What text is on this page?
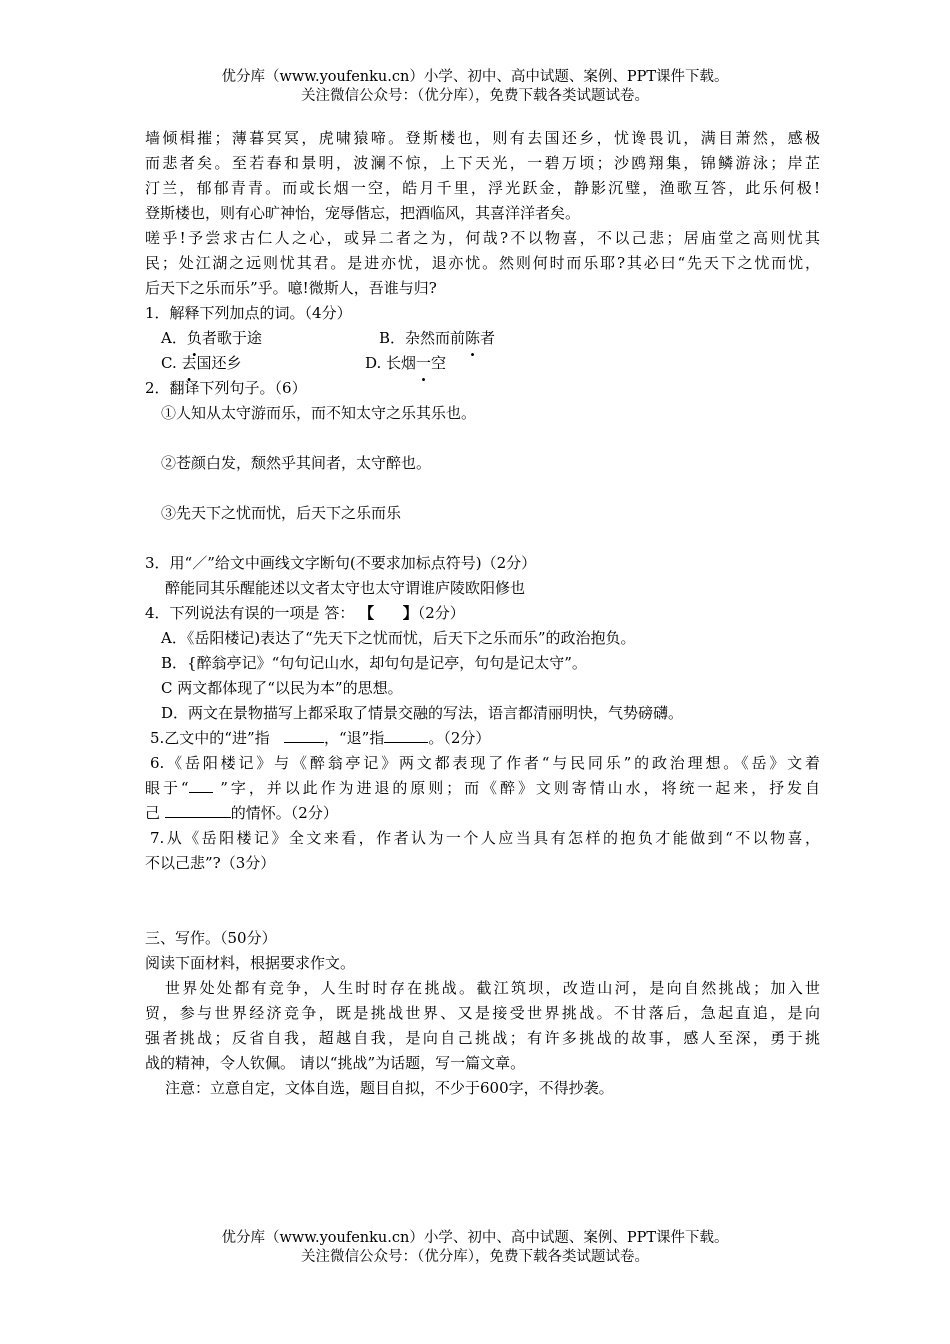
优分库（www.youfenku.cn）小学、初中、高中试题、案例、PPT课件下载。
关注微信公众号：（优分库），免费下载各类试题试卷。

墙倾楫摧；薄暮冥冥，虎啸猿啼。登斯楼也，则有去国还乡，忧谗畏讥，满目萧然，感极

而悲者矣。至若春和景明，波澜不惊，上下天光，一碧万顷；沙鸥翔集，锦鳞游泳；岸芷

汀兰，郁郁青青。而或长烟一空，皓月千里，浮光跃金，静影沉璧，渔歌互答，此乐何极!

登斯楼也，则有心旷神怡，宠辱偕忘，把酒临风，其喜洋洋者矣。

嗟乎!予尝求古仁人之心，或异二者之为，何哉?不以物喜，不以己悲；居庙堂之高则忧其

民；处江湖之远则忧其君。是进亦忧，退亦忧。然则何时而乐耶?其必曰“先天下之忧而忧，

后天下之乐而乐”乎。噫!微斯人，吾谁与归?

1．解释下列加点的词。（4分）

A．负者歌于途	B．杂然而前陈者

C. 去国还乡	D. 长烟一空

2．翻译下列句子。（6）

①人知从太守游而乐，而不知太守之乐其乐也。

②苍颜白发，颓然乎其间者，太守醉也。

③先天下之忧而忧，后天下之乐而乐

3．用“／”给文中画线文字断句(不要求加标点符号)（2分）

醉能同其乐醒能述以文者太守也太守谓谁庐陵欧阳修也

4．下列说法有误的一项是 答： 【 】（2分）

A．《岳阳楼记)表达了“先天下之忧而忧，后天下之乐而乐”的政治抱负。

B．{醉翁亭记》“句句记山水，却句句是记亭，句句是记太守”。

C 两文都体现了“以民为本”的思想。

D．两文在景物描写上都采取了情景交融的写法，语言都清丽明快，气势磅礴。

5.乙文中的“进”指	，“退”指	。（2分）

6.《岳阳楼记》与《醉翁亭记》两文都表现了作者“与民同乐”的政治理想。《岳》文着

眼于“ ”字，并以此作为进退的原则；而《醉》文则寄情山水，将统一起来，抒发自

己	的情怀。（2分）

7.从《岳阳楼记》全文来看，作者认为一个人应当具有怎样的抱负才能做到“不以物喜，

不以己悲”?（3分）

三、写作。（50分）

阅读下面材料，根据要求作文。

世界处处都有竞争，人生时时存在挑战。截江筑坝，改造山河，是向自然挑战；加入世

贸，参与世界经济竞争，既是挑战世界、又是接受世界挑战。不甘落后，急起直追，是向

强者挑战；反省自我，超越自我，是向自己挑战；有许多挑战的故事，感人至深，勇于挑

战的精神，令人钦佩。 请以“挑战”为话题，写一篇文章。

注意：立意自定，文体自选，题目自拟，不少于600字，不得抄袭。

优分库（www.youfenku.cn）小学、初中、高中试题、案例、PPT课件下载。
关注微信公众号：（优分库），免费下载各类试题试卷。
